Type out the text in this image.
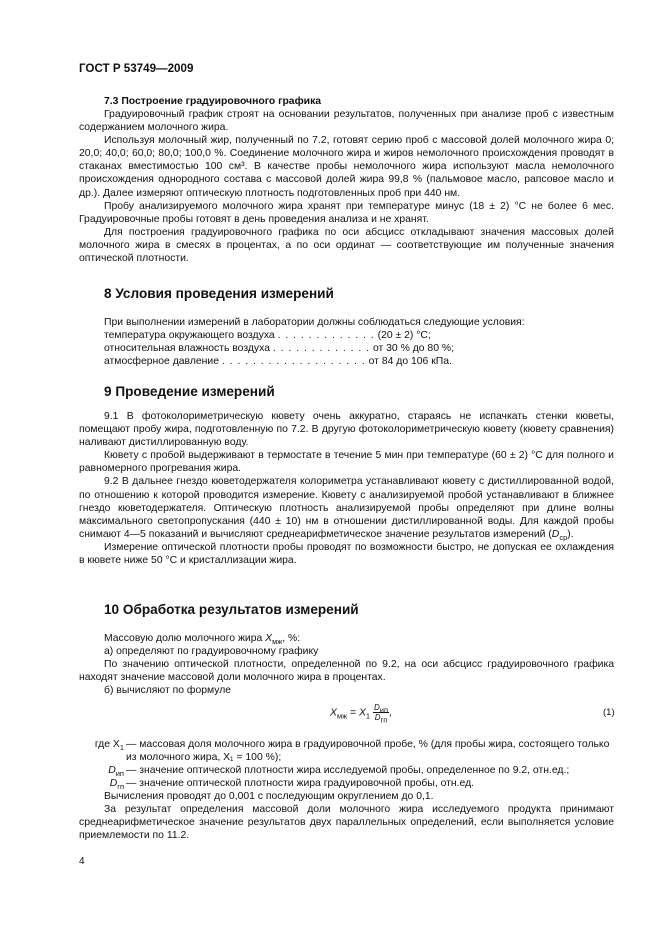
ГОСТ Р 53749—2009
7.3 Построение градуировочного графика

Градуировочный график строят на основании результатов, полученных при анализе проб с известным содержанием молочного жира.

Используя молочный жир, полученный по 7.2, готовят серию проб с массовой долей молочного жира 0; 20,0; 40,0; 60,0; 80,0; 100,0 %. Соединение молочного жира и жиров немолочного происхождения проводят в стаканах вместимостью 100 см³. В качестве пробы немолочного жира используют масла немолочного происхождения однородного состава с массовой долей жира 99,8 % (пальмовое масло, рапсовое масло и др.). Далее измеряют оптическую плотность подготовленных проб при 440 нм.

Пробу анализируемого молочного жира хранят при температуре минус (18 ± 2) °С не более 6 мес. Градуировочные пробы готовят в день проведения анализа и не хранят.

Для построения градуировочного графика по оси абсцисс откладывают значения массовых долей молочного жира в смесях в процентах, а по оси ординат — соответствующие им полученные значения оптической плотности.

8 Условия проведения измерений

При выполнении измерений в лаборатории должны соблюдаться следующие условия:

температура окружающего воздуха . . . . . . . . . . . . . (20 ± 2) °С;
относительная влажность воздуха . . . . . . . . . . . . . от 30 % до 80 %;
атмосферное давление . . . . . . . . . . . . . . . . . . . от 84 до 106 кПа.
9 Проведение измерений

9.1 В фотоколориметрическую кювету очень аккуратно, стараясь не испачкать стенки кюветы, помещают пробу жира, подготовленную по 7.2. В другую фотоколориметрическую кювету (кювету сравнения) наливают дистиллированную воду.

Кювету с пробой выдерживают в термостате в течение 5 мин при температуре (60 ± 2) °С для полного и равномерного прогревания жира.

9.2 В дальнее гнездо кюветодержателя колориметра устанавливают кювету с дистиллированной водой, по отношению к которой проводится измерение. Кювету с анализируемой пробой устанавливают в ближнее гнездо кюветодержателя. Оптическую плотность анализируемой пробы определяют при длине волны максимального светопропускания (440 ± 10) нм в отношении дистиллированной воды. Для каждой пробы снимают 4—5 показаний и вычисляют среднеарифметическое значение результатов измерений $(D_{ср})$.

Измерение оптической плотности пробы проводят по возможности быстро, не допуская ее охлаждения в кювете ниже 50 °С и кристаллизации жира.

10 Обработка результатов измерений

Массовую долю молочного жира $X_{мж}$, %:

а) определяют по градуировочному графику

По значению оптической плотности, определенной по 9.2, на оси абсцисс градуировочного графика находят значение массовой доли молочного жира в процентах.

б) вычисляют по формуле

$X_{мж} = X_1 \frac{D_{ип}}{D_{гп}}$ ,	(1)
где $X_1$ — массовая доля молочного жира в градуировочной пробе, % (для пробы жира, состоящего только из молочного жира, X₁ = 100 %);
$D_{ип}$ — значение оптической плотности жира исследуемой пробы, определенное по 9.2, отн.ед.;
$D_{гп}$ — значение оптической плотности жира градуировочной пробы, отн.ед.

Вычисления проводят до 0,001 с последующим округлением до 0,1.

За результат определения массовой доли молочного жира исследуемого продукта принимают среднеарифметическое значение результатов двух параллельных определений, если выполняется условие приемлемости по 11.2.

4
